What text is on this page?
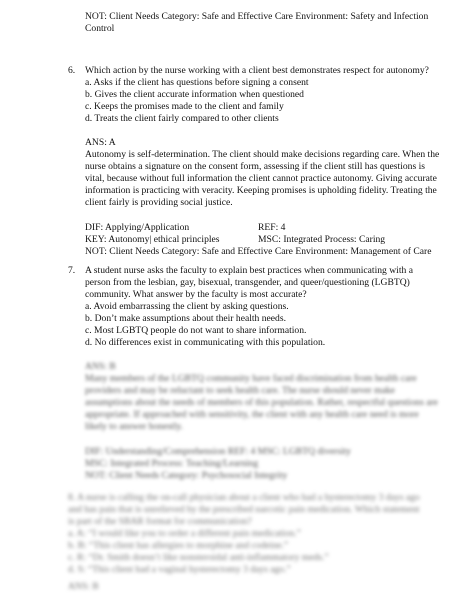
NOT: Client Needs Category: Safe and Effective Care Environment: Safety and Infection
Control
6. Which action by the nurse working with a client best demonstrates respect for autonomy?
a. Asks if the client has questions before signing a consent
b. Gives the client accurate information when questioned
c. Keeps the promises made to the client and family
d. Treats the client fairly compared to other clients
ANS: A
Autonomy is self-determination. The client should make decisions regarding care. When the
nurse obtains a signature on the consent form, assessing if the client still has questions is
vital, because without full information the client cannot practice autonomy. Giving accurate
information is practicing with veracity. Keeping promises is upholding fidelity. Treating the
client fairly is providing social justice.
DIF: Applying/Application	REF: 4
KEY: Autonomy| ethical principles	MSC: Integrated Process: Caring
NOT: Client Needs Category: Safe and Effective Care Environment: Management of Care
7. A student nurse asks the faculty to explain best practices when communicating with a
person from the lesbian, gay, bisexual, transgender, and queer/questioning (LGBTQ)
community. What answer by the faculty is most accurate?
a. Avoid embarrassing the client by asking questions.
b. Don’t make assumptions about their health needs.
c. Most LGBTQ people do not want to share information.
d. No differences exist in communicating with this population.
ANS: B
Many members of the LGBTQ community have faced discrimination from health care
providers and may be reluctant to seek health care. The nurse should never make
assumptions about the needs of members of this population. Rather, respectful questions are
appropriate. If approached with sensitivity, the client with any health care need is more
likely to answer honestly.
DIF: Understanding/Comprehension REF: 4 MSC: LGBTQ diversity
MSC: Integrated Process: Teaching/Learning
NOT: Client Needs Category: Psychosocial Integrity
8. A nurse is calling the on-call physician about a client who had a hysterectomy 3 days ago
and has pain that is unrelieved by the prescribed narcotic pain medication. Which statement
is part of the SBAR format for communication?
a. A: “I would like you to order a different pain medication.”
b. B: “This client has allergies to morphine and codeine.”
c. R: “Dr. Smith doesn’t like nonsteroidal anti-inflammatory meds.”
d. S: “This client had a vaginal hysterectomy 3 days ago.”
ANS: B
